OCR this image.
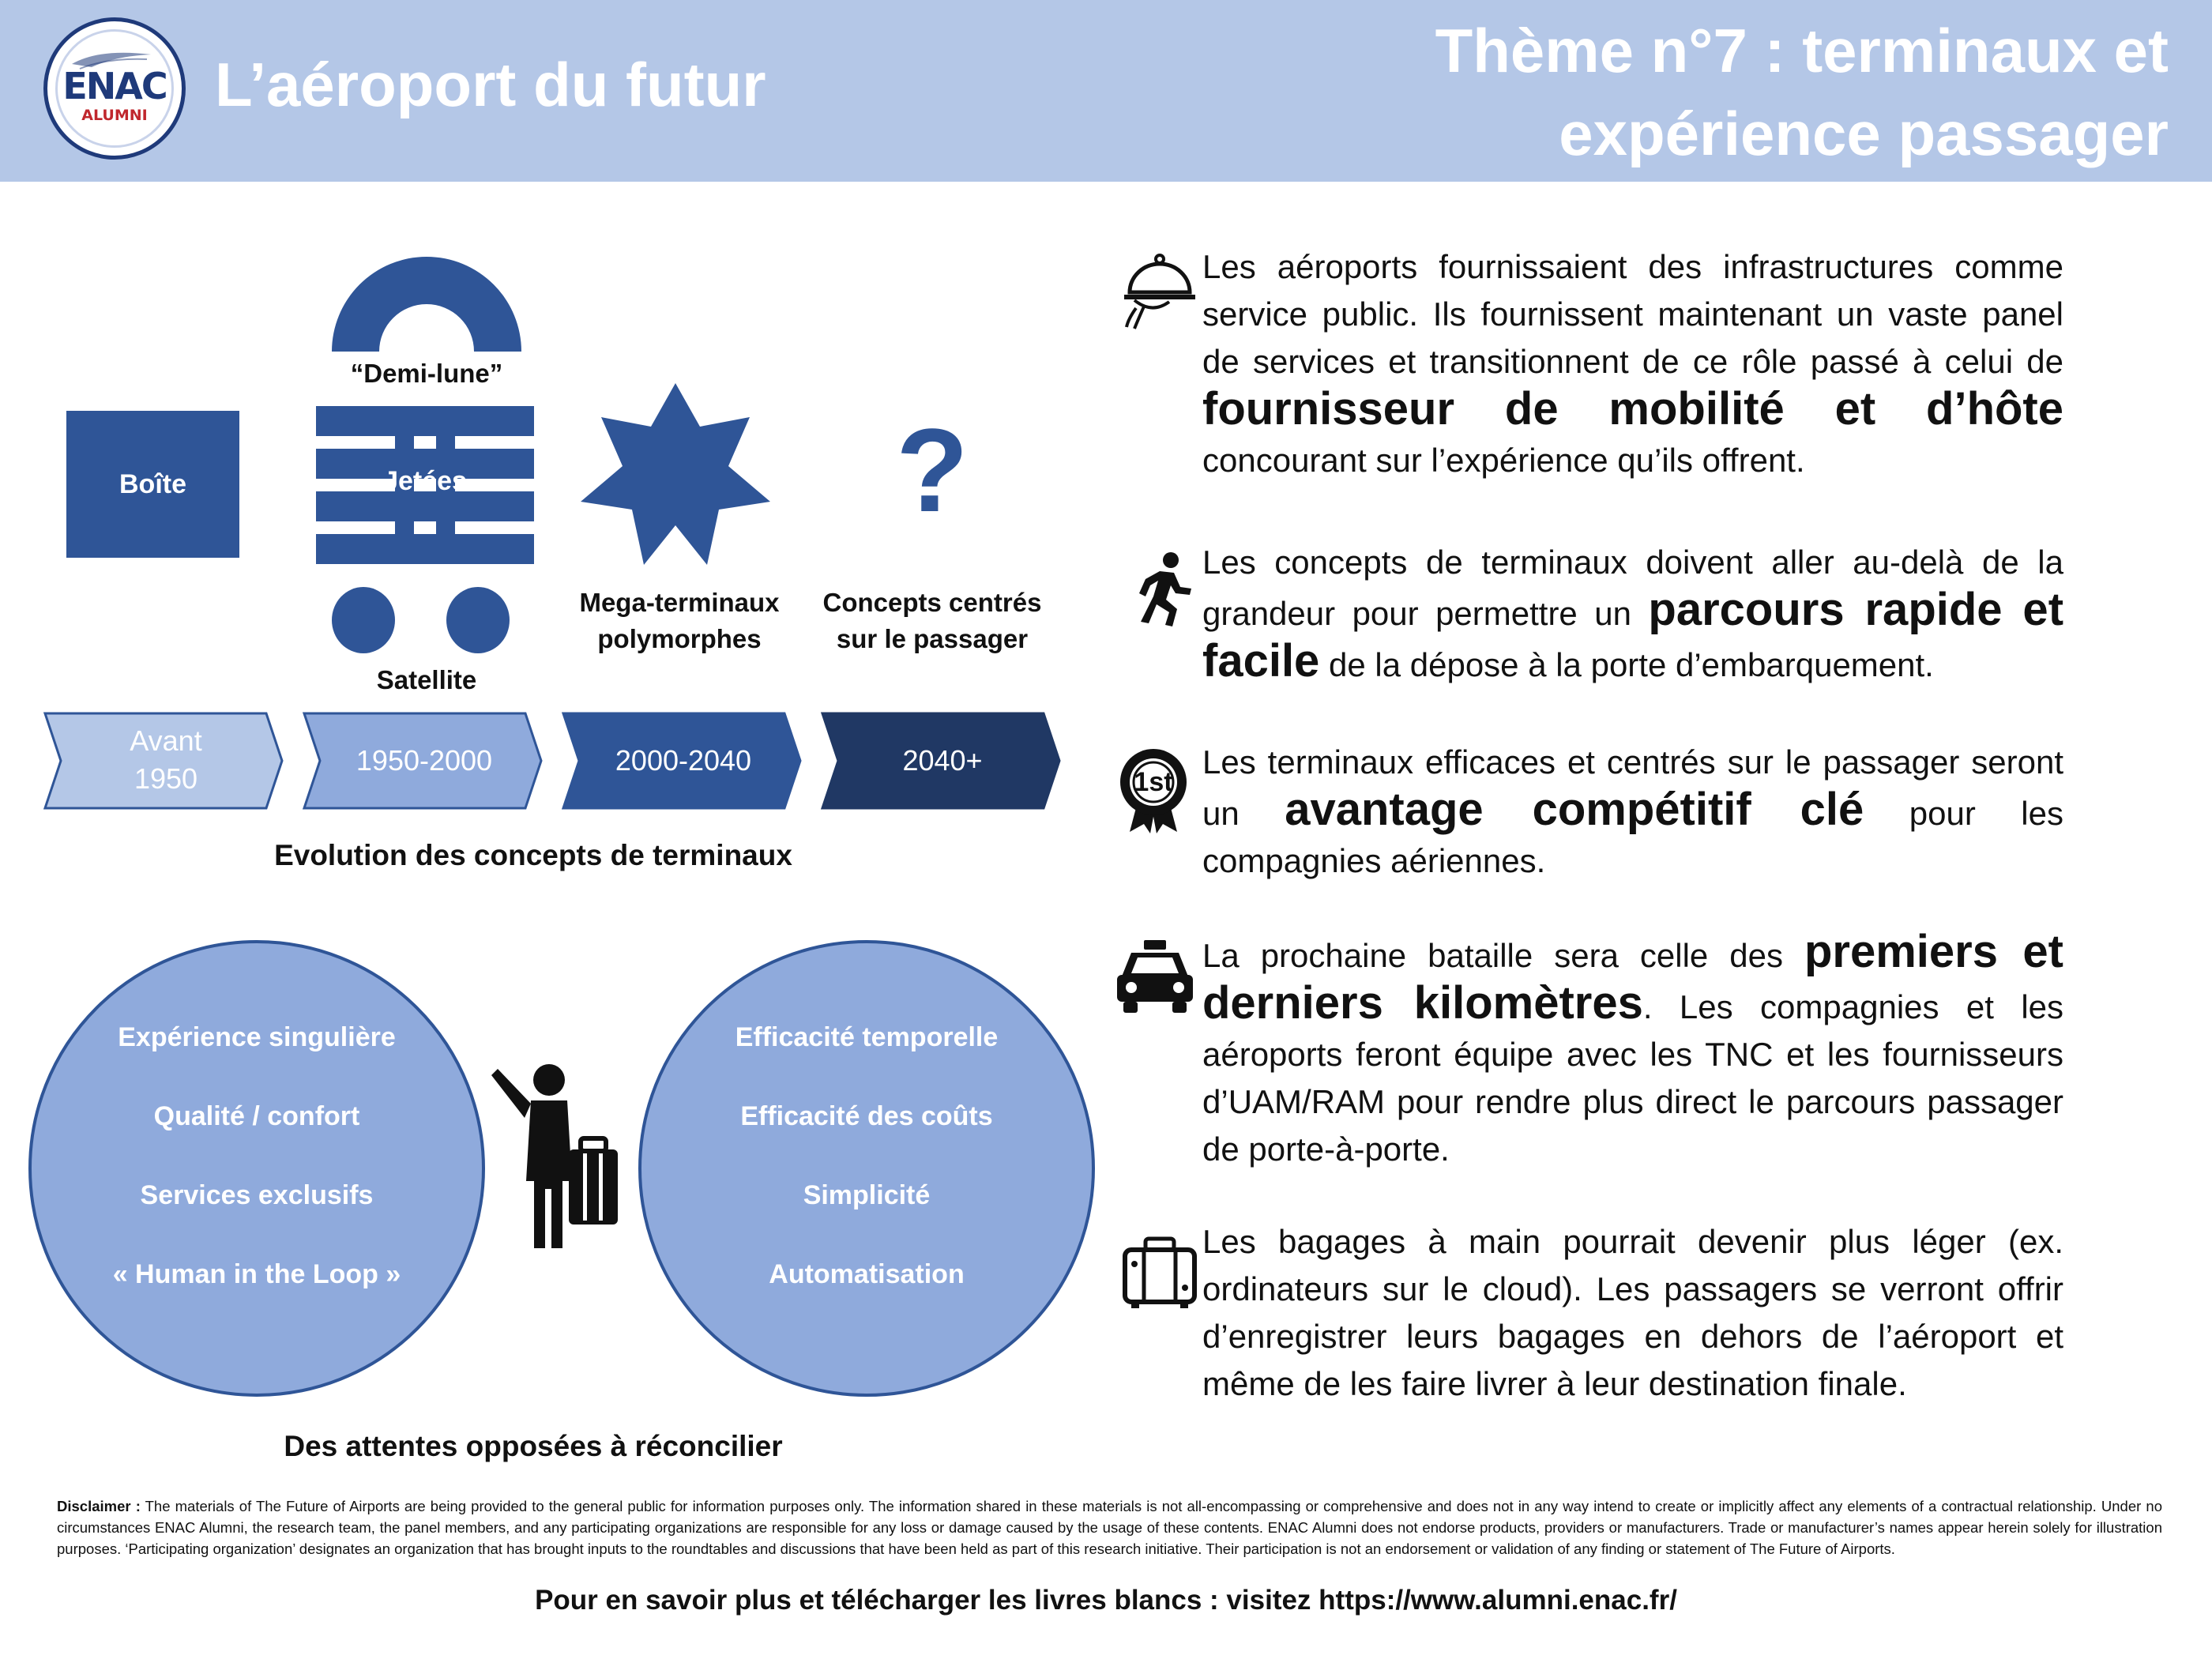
ENAC
ALUMNI	L’aéroport du futur	Thème n°7 : terminaux et
expérience passager
Boîte
“Demi-lune”
Jetées
Satellite
Mega-terminaux
polymorphes
?
Concepts centrés
sur le passager
Avant
1950
1950-2000	2000-2040	2040+
Evolution des concepts de terminaux
Expérience singulière
Qualité / confort
Services exclusifs
« Human in the Loop »
Efficacité temporelle
Efficacité des coûts
Simplicité
Automatisation
Des attentes opposées à réconcilier
1st
Les aéroports fournissaient des infrastructures comme service public. Ils fournissent maintenant un vaste panel de services et transitionnent de ce rôle passé à celui de fournisseur de mobilité et d’hôte concourant sur l’expérience qu’ils offrent.
Les concepts de terminaux doivent aller au-delà de la grandeur pour permettre un parcours rapide et facile de la dépose à la porte d’embarquement.
Les terminaux efficaces et centrés sur le passager seront un avantage compétitif clé pour les compagnies aériennes.
La prochaine bataille sera celle des premiers et derniers kilomètres. Les compagnies et les aéroports feront équipe avec les TNC et les fournisseurs d’UAM/RAM pour rendre plus direct le parcours passager de porte-à-porte.
Les bagages à main pourrait devenir plus léger (ex. ordinateurs sur le cloud). Les passagers se verront offrir d’enregistrer leurs bagages en dehors de l’aéroport et même de les faire livrer à leur destination finale.
Disclaimer : The materials of The Future of Airports are being provided to the general public for information purposes only. The information shared in these materials is not all-encompassing or comprehensive and does not in any way intend to create or implicitly affect any elements of a contractual relationship. Under no circumstances ENAC Alumni, the research team, the panel members, and any participating organizations are responsible for any loss or damage caused by the usage of these contents. ENAC Alumni does not endorse products, providers or manufacturers. Trade or manufacturer’s names appear herein solely for illustration purposes. ‘Participating organization’ designates an organization that has brought inputs to the roundtables and discussions that have been held as part of this research initiative. Their participation is not an endorsement or validation of any finding or statement of The Future of Airports.
Pour en savoir plus et télécharger les livres blancs : visitez https://www.alumni.enac.fr/
